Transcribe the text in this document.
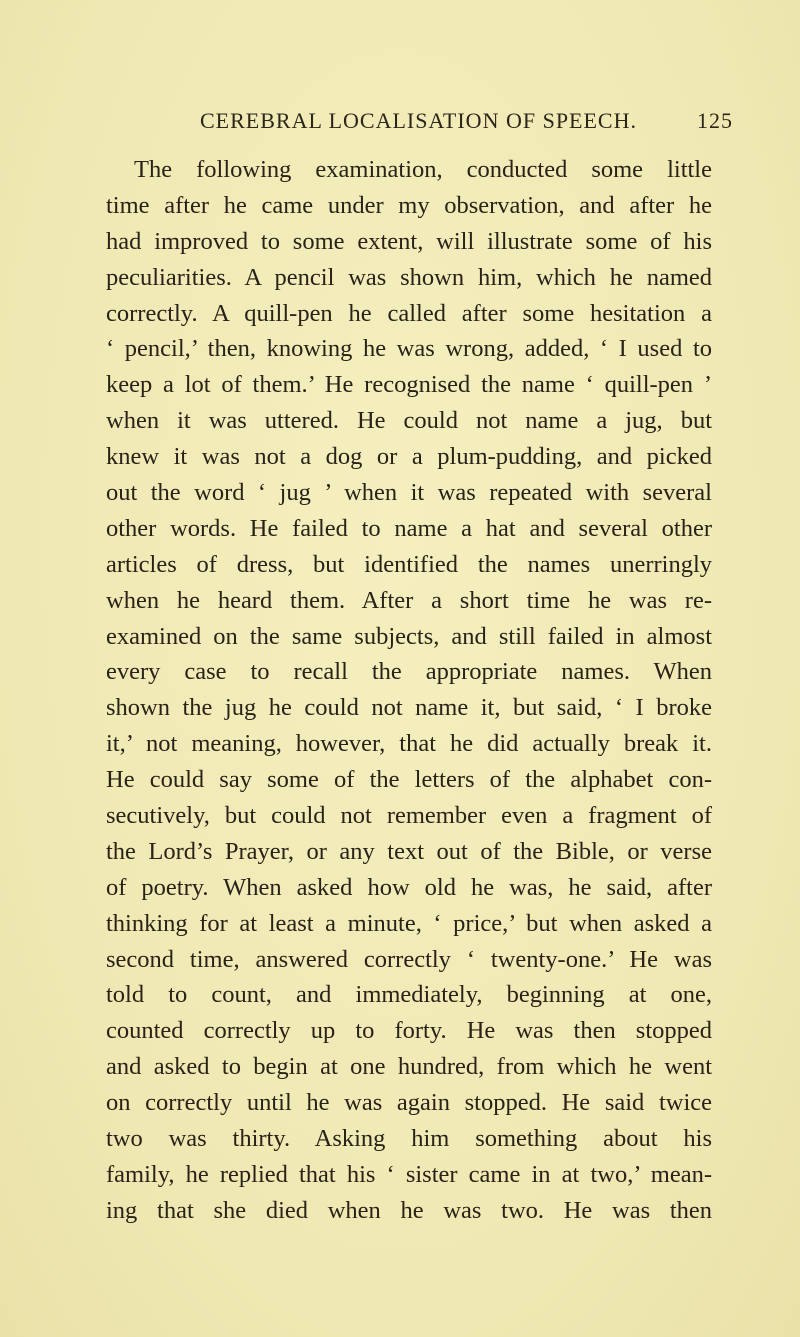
CEREBRAL LOCALISATION OF SPEECH.	125
The following examination, conducted some little
time after he came under my observation, and after he
had improved to some extent, will illustrate some of his
peculiarities. A pencil was shown him, which he named
correctly. A quill-pen he called after some hesitation a
‘ pencil,’ then, knowing he was wrong, added, ‘ I used to
keep a lot of them.’ He recognised the name ‘ quill-pen ’
when it was uttered. He could not name a jug, but
knew it was not a dog or a plum-pudding, and picked
out the word ‘ jug ’ when it was repeated with several
other words. He failed to name a hat and several other
articles of dress, but identified the names unerringly
when he heard them. After a short time he was re-
examined on the same subjects, and still failed in almost
every case to recall the appropriate names. When
shown the jug he could not name it, but said, ‘ I broke
it,’ not meaning, however, that he did actually break it.
He could say some of the letters of the alphabet con-
secutively, but could not remember even a fragment of
the Lord’s Prayer, or any text out of the Bible, or verse
of poetry. When asked how old he was, he said, after
thinking for at least a minute, ‘ price,’ but when asked a
second time, answered correctly ‘ twenty-one.’ He was
told to count, and immediately, beginning at one,
counted correctly up to forty. He was then stopped
and asked to begin at one hundred, from which he went
on correctly until he was again stopped. He said twice
two was thirty. Asking him something about his
family, he replied that his ‘ sister came in at two,’ mean-
ing that she died when he was two. He was then
